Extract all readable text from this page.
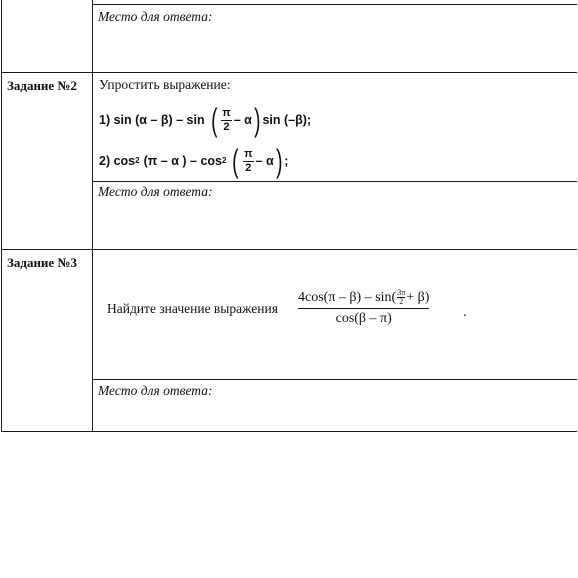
Место для ответа:
Задание №2 Упростить выражение:
1) sin (α – β) – sin ( $\frac{\pi}{2}$ – α ) sin (–β);
2) $\cos^2 (\pi$ – α ) – $\cos^2$ ( $\frac{\pi}{2}$ – α ) ;
Место для ответа:
Задание №3
Найдите значение выражения
$4\cos(\pi - \beta) - \sin( \frac{3\pi}{2} + \beta)$
cos(β – π)	.
Место для ответа:
